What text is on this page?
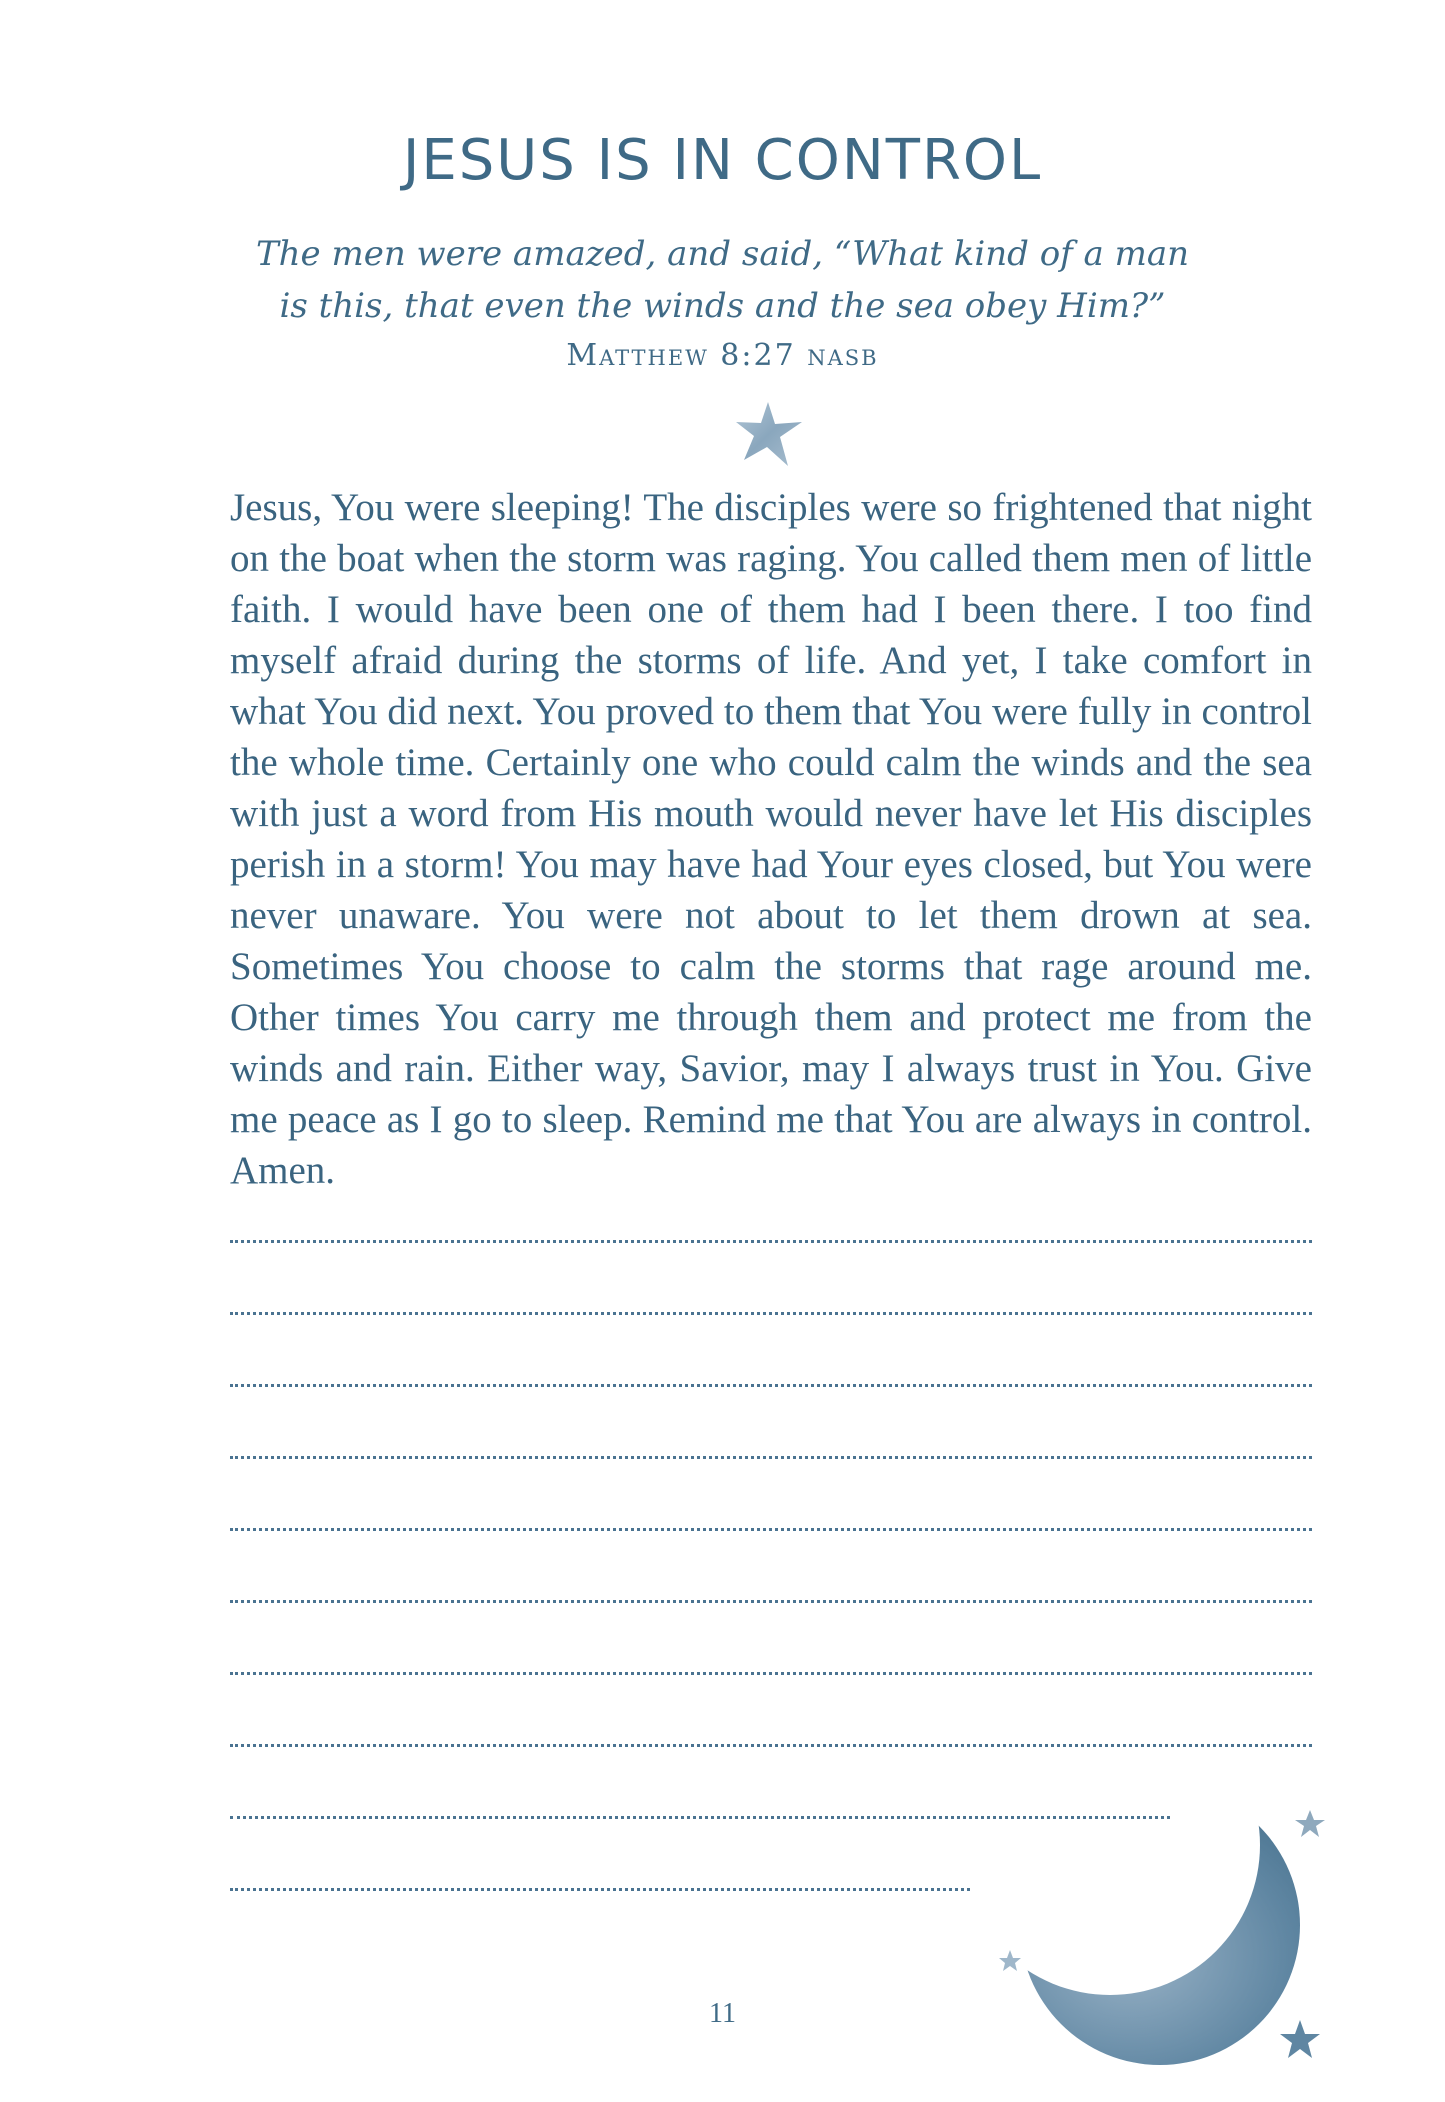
JESUS IS IN CONTROL
The men were amazed, and said, “What kind of a man
is this, that even the winds and the sea obey Him?”
Matthew 8:27 nasb

Jesus, You were sleeping! The disciples were so frightened that night on the boat when the storm was raging. You called them men of little faith. I would have been one of them had I been there. I too find myself afraid during the storms of life. And yet, I take comfort in what You did next. You proved to them that You were fully in control the whole time. Certainly one who could calm the winds and the sea with just a word from His mouth would never have let His disciples perish in a storm! You may have had Your eyes closed, but You were never unaware. You were not about to let them drown at sea. Sometimes You choose to calm the storms that rage around me. Other times You carry me through them and protect me from the winds and rain. Either way, Savior, may I always trust in You. Give me peace as I go to sleep. Remind me that You are always in control. Amen.

11
